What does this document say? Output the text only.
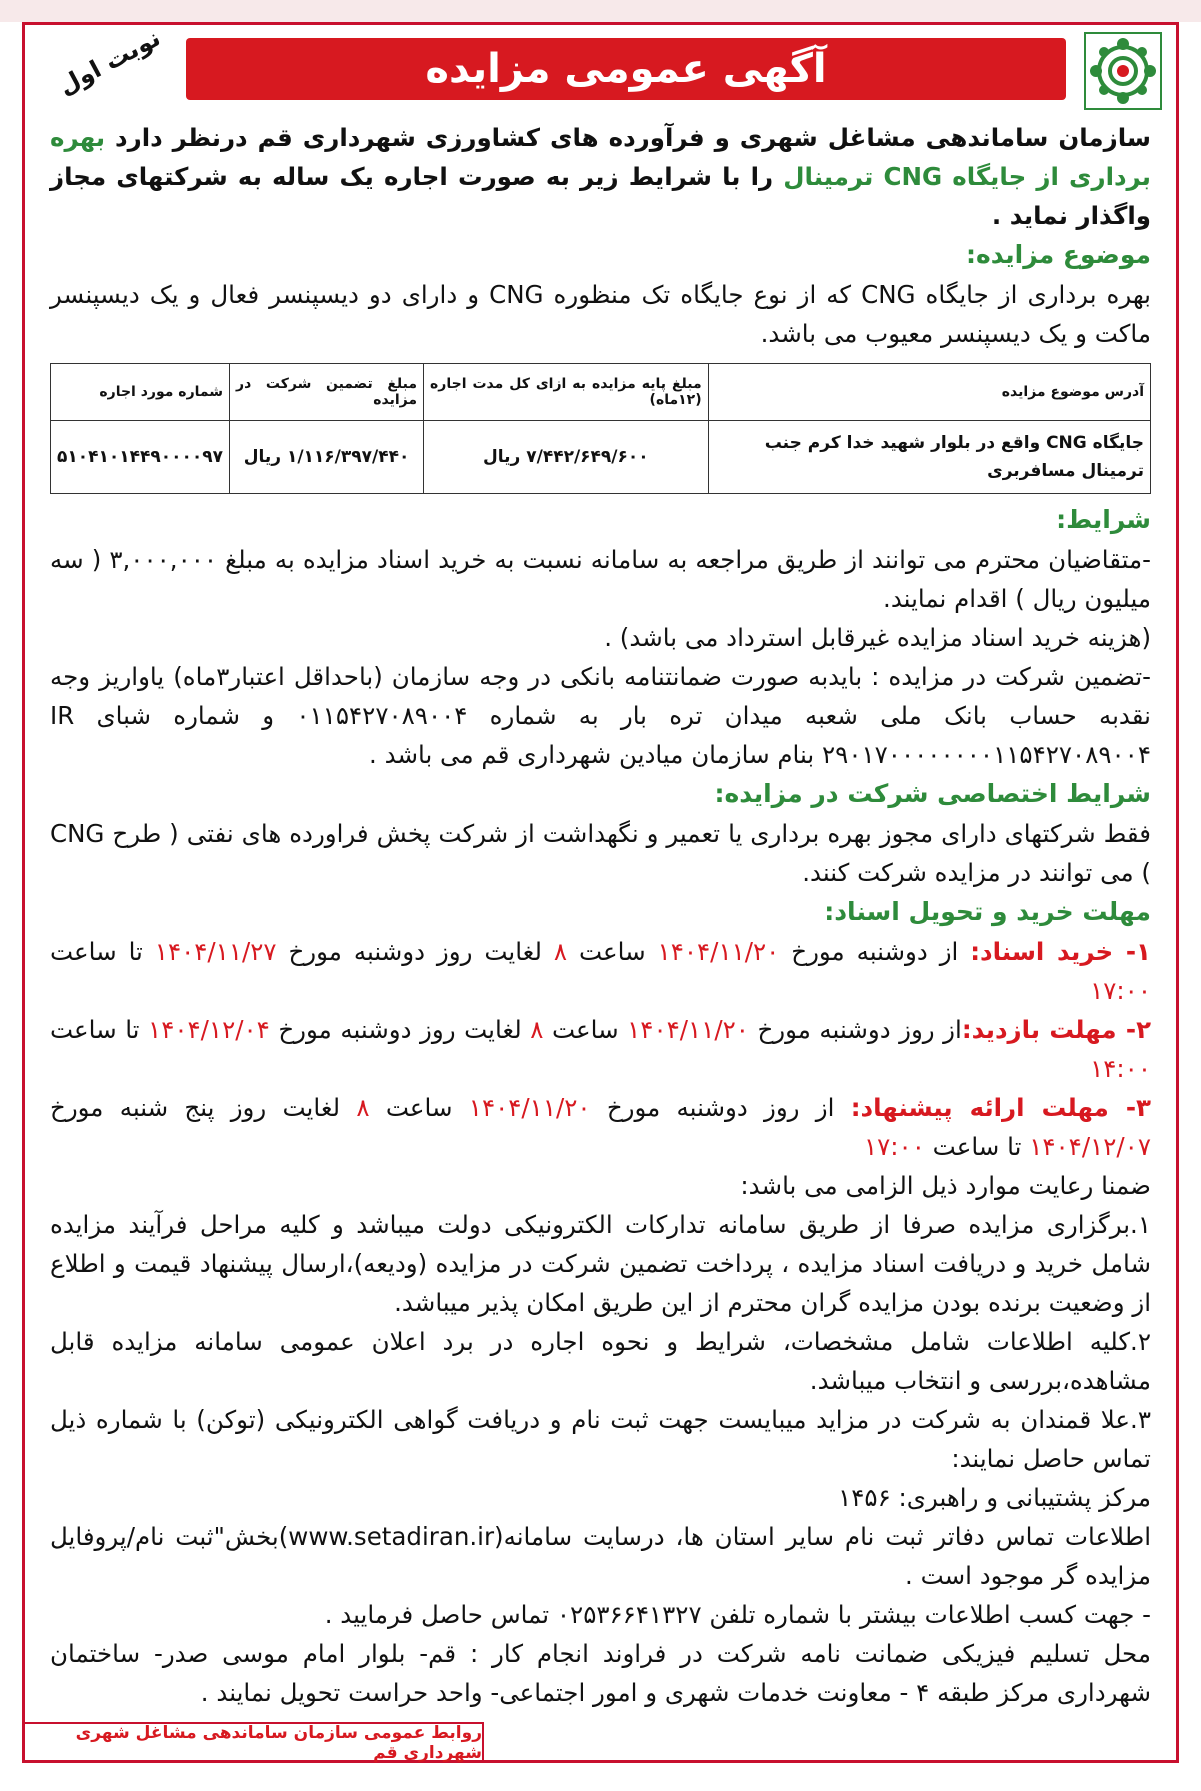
نوبت اول	آگهی عمومی مزایده

سازمان ساماندهی مشاغل شهری و فرآورده های کشاورزی شهرداری قم درنظر دارد بهره برداری از جایگاه CNG ترمینال را با شرایط زیر به صورت اجاره یک ساله به شرکتهای مجاز واگذار نماید .

موضوع مزایده:

بهره برداری از جایگاه CNG که از نوع جایگاه تک منظوره CNG و دارای دو دیسپنسر فعال و یک دیسپنسر ماکت و یک دیسپنسر معیوب می باشد.

آدرس موضوع مزایده	مبلغ پایه مزایده به ازای کل مدت اجاره (۱۲ماه)	مبلغ تضمین شرکت در مزایده	شماره مورد اجاره
جایگاه CNG واقع در بلوار شهید خدا کرم جنب ترمینال مسافربری	۷/۴۴۲/۶۴۹/۶۰۰ ریال	۱/۱۱۶/۳۹۷/۴۴۰ ریال	۵۱۰۴۱۰۱۴۴۹۰۰۰۰۹۷
شرایط:

-متقاضیان محترم می توانند از طریق مراجعه به سامانه نسبت به خرید اسناد مزایده به مبلغ ۳,۰۰۰,۰۰۰ ( سه میلیون ریال ) اقدام نمایند.

(هزینه خرید اسناد مزایده غیرقابل استرداد می باشد) .

-تضمین شرکت در مزایده : بایدبه صورت ضمانتنامه بانکی در وجه سازمان (باحداقل اعتبار۳ماه) یاواریز وجه نقدبه حساب بانک ملی شعبه میدان تره بار به شماره ۰۱۱۵۴۲۷۰۸۹۰۰۴ و شماره شبای IR ۲۹۰۱۷۰۰۰۰۰۰۰۰۱۱۵۴۲۷۰۸۹۰۰۴ بنام سازمان میادین شهرداری قم می باشد .

شرایط اختصاصی شرکت در مزایده:

فقط شرکتهای دارای مجوز بهره برداری یا تعمیر و نگهداشت از شرکت پخش فراورده های نفتی ( طرح CNG ) می توانند در مزایده شرکت کنند.

مهلت خرید و تحویل اسناد:

۱- خرید اسناد: از دوشنبه مورخ ۱۴۰۴/۱۱/۲۰ ساعت ۸ لغایت روز دوشنبه مورخ ۱۴۰۴/۱۱/۲۷ تا ساعت ۱۷:۰۰

۲- مهلت بازدید:از روز دوشنبه مورخ ۱۴۰۴/۱۱/۲۰ ساعت ۸ لغایت روز دوشنبه مورخ ۱۴۰۴/۱۲/۰۴ تا ساعت ۱۴:۰۰

۳- مهلت ارائه پیشنهاد: از روز دوشنبه مورخ ۱۴۰۴/۱۱/۲۰ ساعت ۸ لغایت روز پنج شنبه مورخ ۱۴۰۴/۱۲/۰۷ تا ساعت ۱۷:۰۰

ضمنا رعایت موارد ذیل الزامی می باشد:

۱.برگزاری مزایده صرفا از طریق سامانه تدارکات الکترونیکی دولت میباشد و کلیه مراحل فرآیند مزایده شامل خرید و دریافت اسناد مزایده ، پرداخت تضمین شرکت در مزایده (ودیعه)،ارسال پیشنهاد قیمت و اطلاع از وضعیت برنده بودن مزایده گران محترم از این طریق امکان پذیر میباشد.

۲.کلیه اطلاعات شامل مشخصات، شرایط و نحوه اجاره در برد اعلان عمومی سامانه مزایده قابل مشاهده،بررسی و انتخاب میباشد.

۳.علا قمندان به شرکت در مزاید میبایست جهت ثبت نام و دریافت گواهی الکترونیکی (توکن) با شماره ذیل تماس حاصل نمایند:

مرکز پشتیبانی و راهبری: ۱۴۵۶

اطلاعات تماس دفاتر ثبت نام سایر استان ها، درسایت سامانه(www.setadiran.ir)بخش"ثبت نام/پروفایل مزایده گر موجود است .

- جهت کسب اطلاعات بیشتر با شماره تلفن ۰۲۵۳۶۶۴۱۳۲۷ تماس حاصل فرمایید .

محل تسلیم فیزیکی ضمانت نامه شرکت در فراوند انجام کار : قم- بلوار امام موسی صدر- ساختمان شهرداری مرکز طبقه ۴ - معاونت خدمات شهری و امور اجتماعی- واحد حراست تحویل نمایند .

روابط عمومی سازمان ساماندهی مشاغل شهری شهرداری قم
